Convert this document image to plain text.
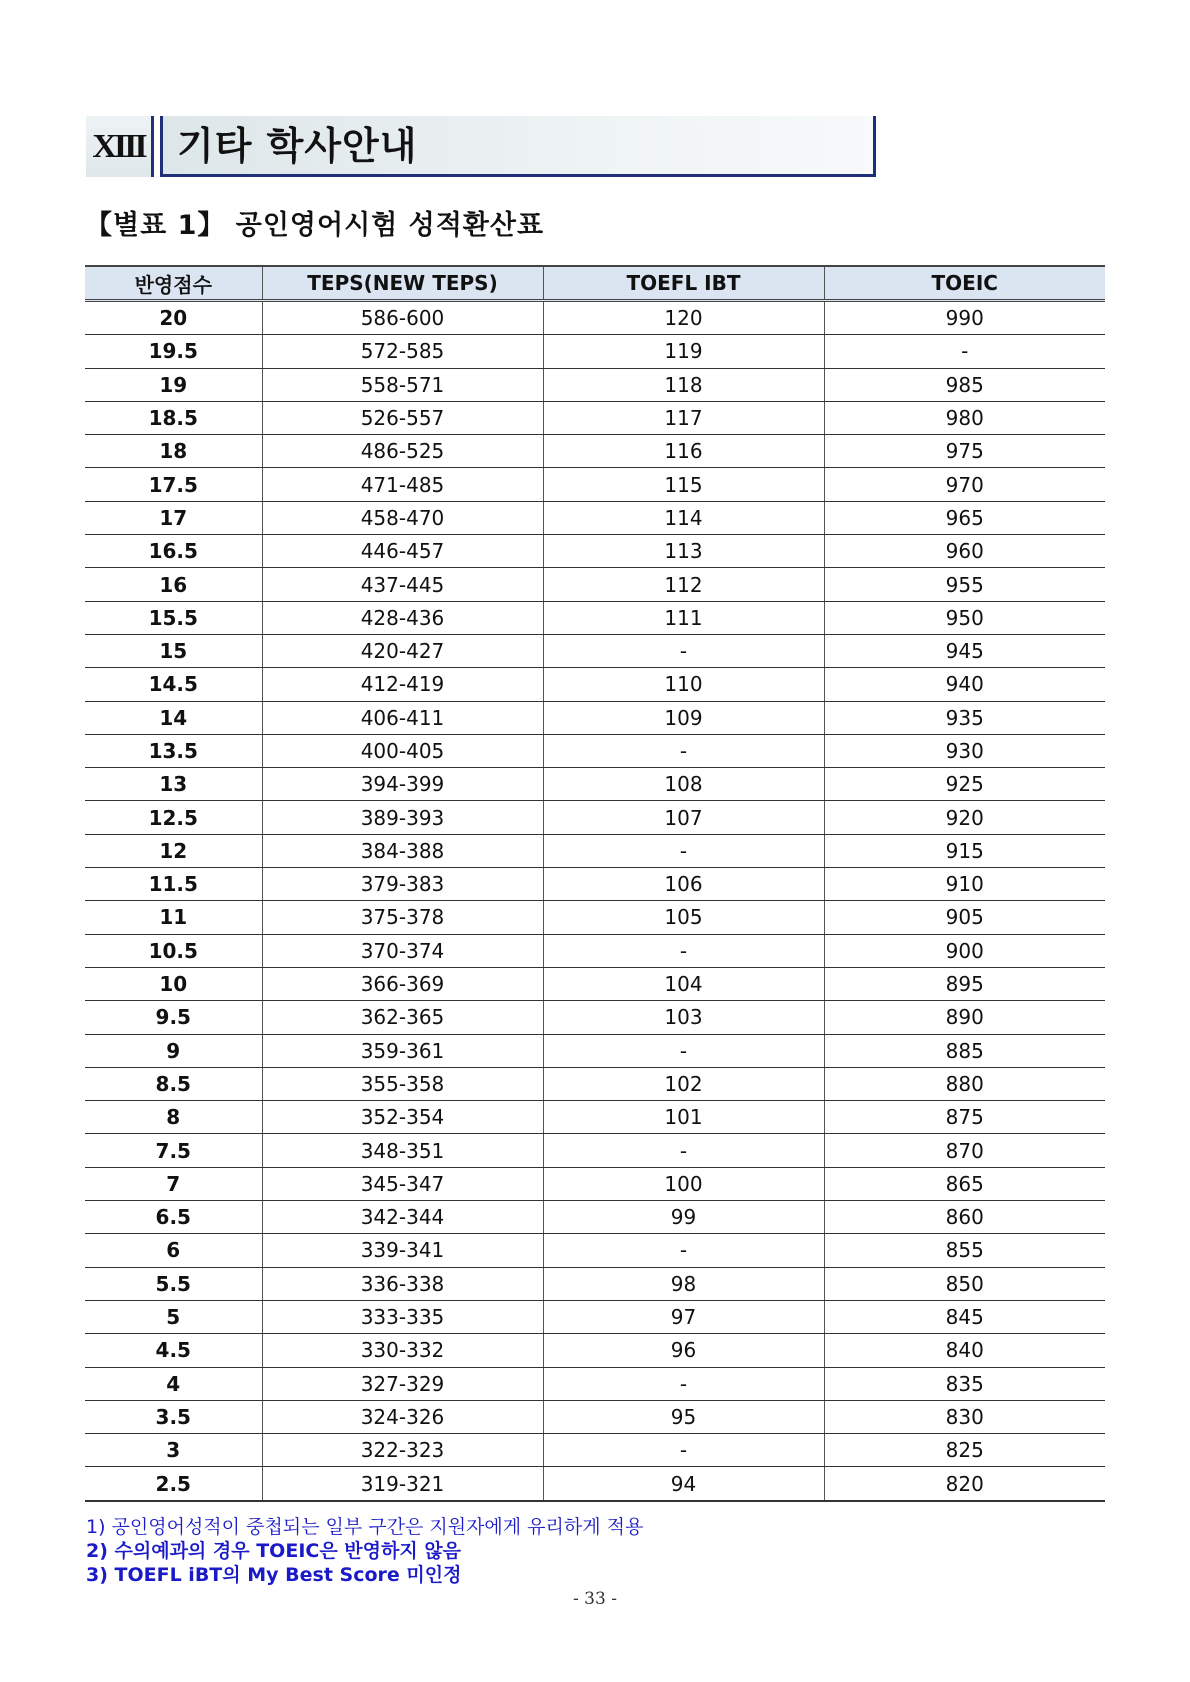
XIII 기타 학사안내
【별표 1】 공인영어시험 성적환산표
반영점수	TEPS(NEW TEPS)	TOEFL IBT	TOEIC
20	586-600	120	990
19.5	572-585	119	-
19	558-571	118	985
18.5	526-557	117	980
18	486-525	116	975
17.5	471-485	115	970
17	458-470	114	965
16.5	446-457	113	960
16	437-445	112	955
15.5	428-436	111	950
15	420-427	-	945
14.5	412-419	110	940
14	406-411	109	935
13.5	400-405	-	930
13	394-399	108	925
12.5	389-393	107	920
12	384-388	-	915
11.5	379-383	106	910
11	375-378	105	905
10.5	370-374	-	900
10	366-369	104	895
9.5	362-365	103	890
9	359-361	-	885
8.5	355-358	102	880
8	352-354	101	875
7.5	348-351	-	870
7	345-347	100	865
6.5	342-344	99	860
6	339-341	-	855
5.5	336-338	98	850
5	333-335	97	845
4.5	330-332	96	840
4	327-329	-	835
3.5	324-326	95	830
3	322-323	-	825
2.5	319-321	94	820
1) 공인영어성적이 중첩되는 일부 구간은 지원자에게 유리하게 적용
2) 수의예과의 경우 TOEIC은 반영하지 않음
3) TOEFL iBT의 My Best Score 미인정
- 33 -
